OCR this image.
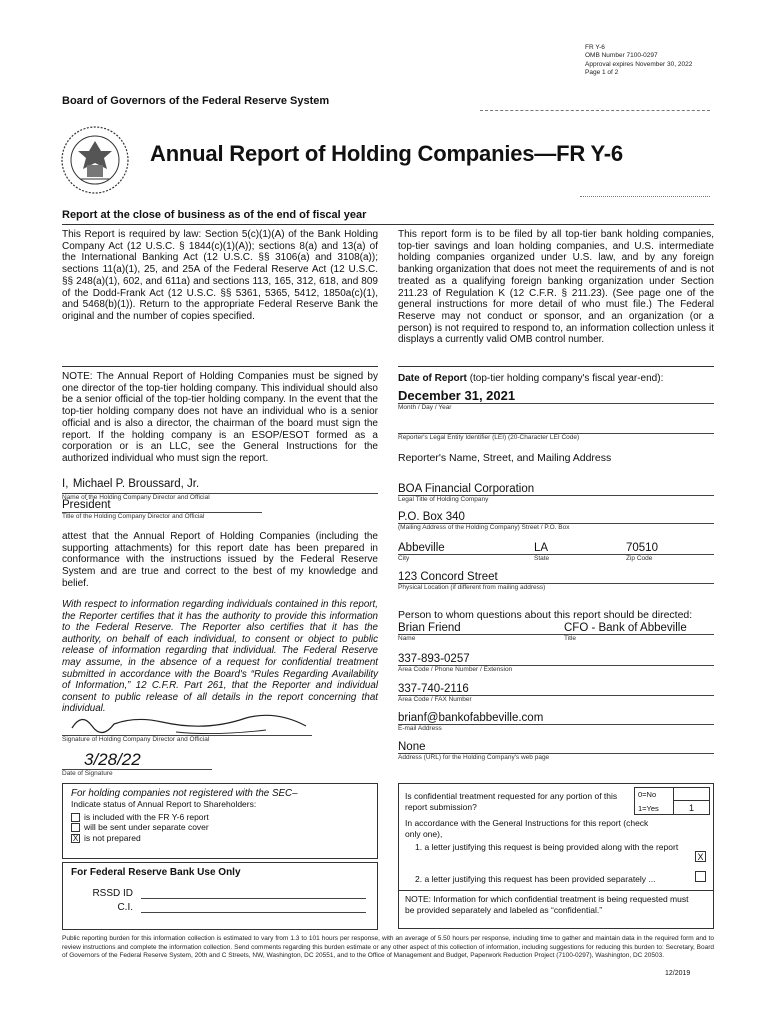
FR Y-6
OMB Number 7100-0297
Approval expires November 30, 2022
Page 1 of 2
Board of Governors of the Federal Reserve System
Annual Report of Holding Companies—FR Y-6
Report at the close of business as of the end of fiscal year
This Report is required by law: Section 5(c)(1)(A) of the Bank Holding Company Act (12 U.S.C. § 1844(c)(1)(A)); sections 8(a) and 13(a) of the International Banking Act (12 U.S.C. §§ 3106(a) and 3108(a)); sections 11(a)(1), 25, and 25A of the Federal Reserve Act (12 U.S.C. §§ 248(a)(1), 602, and 611a) and sections 113, 165, 312, 618, and 809 of the Dodd-Frank Act (12 U.S.C. §§ 5361, 5365, 5412, 1850a(c)(1), and 5468(b)(1)). Return to the appropriate Federal Reserve Bank the original and the number of copies specified.
This report form is to be filed by all top-tier bank holding companies, top-tier savings and loan holding companies, and U.S. intermediate holding companies organized under U.S. law, and by any foreign banking organization that does not meet the requirements of and is not treated as a qualifying foreign banking organization under Section 211.23 of Regulation K (12 C.F.R. § 211.23). (See page one of the general instructions for more detail of who must file.) The Federal Reserve may not conduct or sponsor, and an organization (or a person) is not required to respond to, an information collection unless it displays a currently valid OMB control number.
NOTE: The Annual Report of Holding Companies must be signed by one director of the top-tier holding company. This individual should also be a senior official of the top-tier holding company. In the event that the top-tier holding company does not have an individual who is a senior official and is also a director, the chairman of the board must sign the report. If the holding company is an ESOP/ESOT formed as a corporation or is an LLC, see the General Instructions for the authorized individual who must sign the report.
I, Michael P. Broussard, Jr.
Name of the Holding Company Director and Official
President
Title of the Holding Company Director and Official
attest that the Annual Report of Holding Companies (including the supporting attachments) for this report date has been prepared in conformance with the instructions issued by the Federal Reserve System and are true and correct to the best of my knowledge and belief.
With respect to information regarding individuals contained in this report, the Reporter certifies that it has the authority to provide this information to the Federal Reserve. The Reporter also certifies that it has the authority, on behalf of each individual, to consent or object to public release of information regarding that individual. The Federal Reserve may assume, in the absence of a request for confidential treatment submitted in accordance with the Board's “Rules Regarding Availability of Information,” 12 C.F.R. Part 261, that the Reporter and individual consent to public release of all details in the report concerning that individual.
Signature of Holding Company Director and Official
3/28/22
Date of Signature
For holding companies not registered with the SEC–
Indicate status of Annual Report to Shareholders:
is included with the FR Y-6 report
will be sent under separate cover
X is not prepared
For Federal Reserve Bank Use Only
RSSD ID
C.I.
Date of Report (top-tier holding company's fiscal year-end):
December 31, 2021
Month / Day / Year
Reporter's Legal Entity Identifier (LEI) (20-Character LEI Code)
Reporter's Name, Street, and Mailing Address
BOA Financial Corporation
Legal Title of Holding Company
P.O. Box 340
(Mailing Address of the Holding Company) Street / P.O. Box
Abbeville	LA	70510
City	State	Zip Code
123 Concord Street
Physical Location (if different from mailing address)
Person to whom questions about this report should be directed:
Brian Friend	CFO - Bank of Abbeville
Name	Title
337-893-0257
Area Code / Phone Number / Extension
337-740-2116
Area Code / FAX Number
brianf@bankofabbeville.com
E-mail Address
None
Address (URL) for the Holding Company's web page
Is confidential treatment requested for any portion of this report submission?
0=No
1=Yes	1
In accordance with the General Instructions for this report (check only one),
1. a letter justifying this request is being provided along with the report
X
2. a letter justifying this request has been provided separately ...
NOTE: Information for which confidential treatment is being requested must be provided separately and labeled as “confidential.”
Public reporting burden for this information collection is estimated to vary from 1.3 to 101 hours per response, with an average of 5.50 hours per response, including time to gather and maintain data in the required form and to review instructions and complete the information collection. Send comments regarding this burden estimate or any other aspect of this collection of information, including suggestions for reducing this burden to: Secretary, Board of Governors of the Federal Reserve System, 20th and C Streets, NW, Washington, DC 20551, and to the Office of Management and Budget, Paperwork Reduction Project (7100-0297), Washington, DC 20503.
12/2019
